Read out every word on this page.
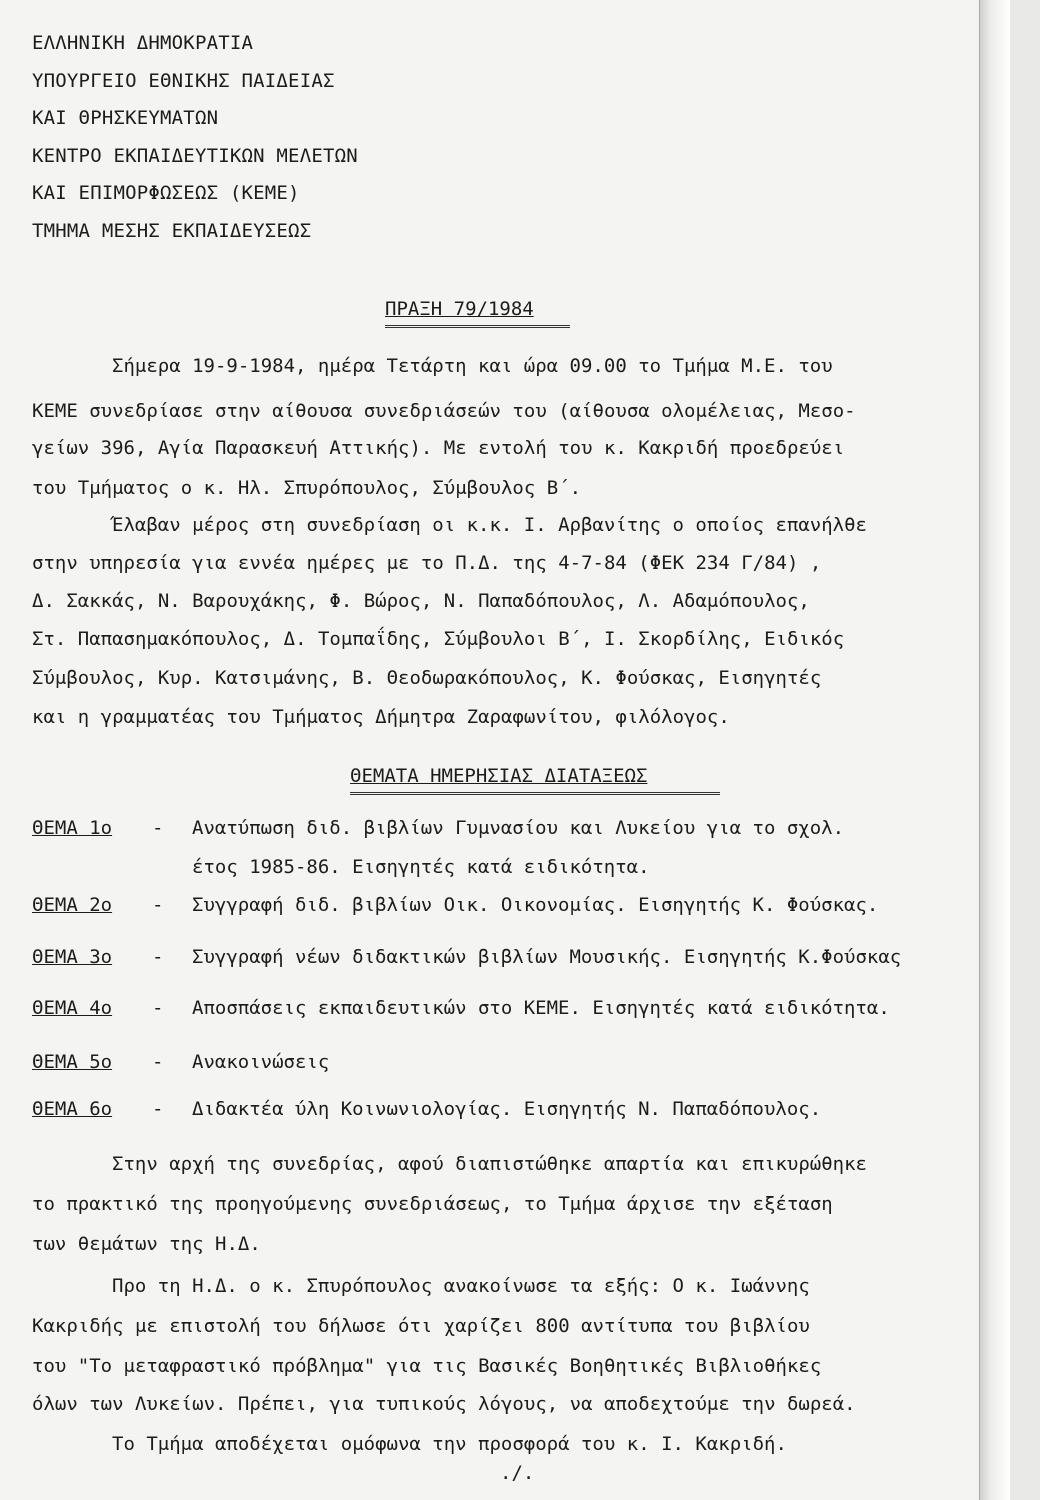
ΕΛΛΗΝΙΚΗ ΔΗΜΟΚΡΑΤΙΑ
ΥΠΟΥΡΓΕΙΟ ΕΘΝΙΚΗΣ ΠΑΙΔΕΙΑΣ
ΚΑΙ ΘΡΗΣΚΕΥΜΑΤΩΝ
ΚΕΝΤΡΟ ΕΚΠΑΙΔΕΥΤΙΚΩΝ ΜΕΛΕΤΩΝ
ΚΑΙ ΕΠΙΜΟΡΦΩΣΕΩΣ (ΚΕΜΕ)
ΤΜΗΜΑ ΜΕΣΗΣ ΕΚΠΑΙΔΕΥΣΕΩΣ
ΠΡΑΞΗ 79/1984
Σήμερα 19-9-1984, ημέρα Τετάρτη και ώρα 09.00 το Τμήμα Μ.Ε. του
ΚΕΜΕ συνεδρίασε στην αίθουσα συνεδριάσεών του (αίθουσα ολομέλειας, Μεσο-
γείων 396, Αγία Παρασκευή Αττικής). Με εντολή του κ. Κακριδή προεδρεύει
του Τμήματος ο κ. Ηλ. Σπυρόπουλος, Σύμβουλος Β΄.
Έλαβαν μέρος στη συνεδρίαση οι κ.κ. Ι. Αρβανίτης ο οποίος επανήλθε
στην υπηρεσία για εννέα ημέρες με το Π.Δ. της 4-7-84 (ΦΕΚ 234 Γ/84) ,
Δ. Σακκάς, Ν. Βαρουχάκης, Φ. Βώρος, Ν. Παπαδόπουλος, Λ. Αδαμόπουλος,
Στ. Παπασημακόπουλος, Δ. Τομπαΐδης, Σύμβουλοι Β΄, Ι. Σκορδίλης, Ειδικός
Σύμβουλος, Κυρ. Κατσιμάνης, Β. Θεοδωρακόπουλος, Κ. Φούσκας, Εισηγητές
και η γραμματέας του Τμήματος Δήμητρα Ζαραφωνίτου, φιλόλογος.
ΘΕΜΑΤΑ ΗΜΕΡΗΣΙΑΣ ΔΙΑΤΑΞΕΩΣ
ΘΕΜΑ 1ο - Ανατύπωση διδ. βιβλίων Γυμνασίου και Λυκείου για το σχολ.
έτος 1985-86. Εισηγητές κατά ειδικότητα.
ΘΕΜΑ 2ο - Συγγραφή διδ. βιβλίων Οικ. Οικονομίας. Εισηγητής Κ. Φούσκας.
ΘΕΜΑ 3ο - Συγγραφή νέων διδακτικών βιβλίων Μουσικής. Εισηγητής Κ.Φούσκας
ΘΕΜΑ 4ο - Αποσπάσεις εκπαιδευτικών στο ΚΕΜΕ. Εισηγητές κατά ειδικότητα.
ΘΕΜΑ 5ο - Ανακοινώσεις
ΘΕΜΑ 6ο - Διδακτέα ύλη Κοινωνιολογίας. Εισηγητής Ν. Παπαδόπουλος.
Στην αρχή της συνεδρίας, αφού διαπιστώθηκε απαρτία και επικυρώθηκε
το πρακτικό της προηγούμενης συνεδριάσεως, το Τμήμα άρχισε την εξέταση
των θεμάτων της Η.Δ.
Προ τη Η.Δ. ο κ. Σπυρόπουλος ανακοίνωσε τα εξής: Ο κ. Ιωάννης
Κακριδής με επιστολή του δήλωσε ότι χαρίζει 800 αντίτυπα του βιβλίου
του "Το μεταφραστικό πρόβλημα" για τις Βασικές Βοηθητικές Βιβλιοθήκες
όλων των Λυκείων. Πρέπει, για τυπικούς λόγους, να αποδεχτούμε την δωρεά.
Το Τμήμα αποδέχεται ομόφωνα την προσφορά του κ. Ι. Κακριδή.
./.
